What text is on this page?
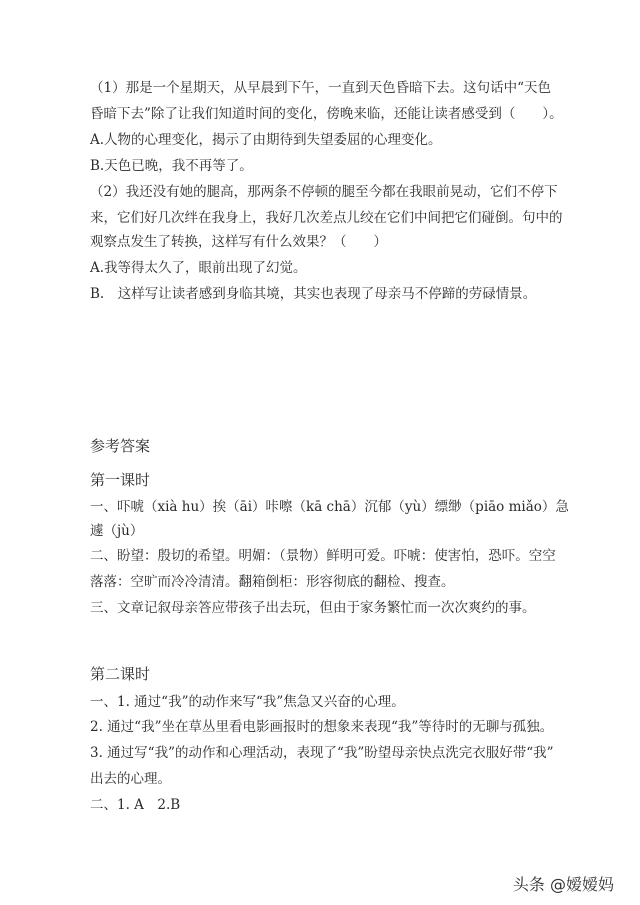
（1）那是一个星期天，从早晨到下午，一直到天色昏暗下去。这句话中“天色
昏暗下去”除了让我们知道时间的变化，傍晚来临，还能让读者感受到（　　）。
A.人物的心理变化，揭示了由期待到失望委屈的心理变化。
B.天色已晚，我不再等了。
（2）我还没有她的腿高，那两条不停顿的腿至今都在我眼前晃动，它们不停下
来，它们好几次绊在我身上，我好几次差点儿绞在它们中间把它们碰倒。句中的
观察点发生了转换，这样写有什么效果？（　　）
A.我等得太久了，眼前出现了幻觉。
B.　这样写让读者感到身临其境，其实也表现了母亲马不停蹄的劳碌情景。
参考答案
第一课时
一、吓唬（xià hu）挨（āi）咔嚓（kā chā）沉郁（yù）缥缈（piāo miǎo）急
遽（jù）
二、盼望：殷切的希望。明媚：（景物）鲜明可爱。吓唬：使害怕，恐吓。空空
落落：空旷而冷冷清清。翻箱倒柜：形容彻底的翻检、搜查。
三、文章记叙母亲答应带孩子出去玩，但由于家务繁忙而一次次爽约的事。
第二课时
一、1. 通过“我”的动作来写“我”焦急又兴奋的心理。
2. 通过“我”坐在草丛里看电影画报时的想象来表现“我”等待时的无聊与孤独。
3. 通过写“我”的动作和心理活动，表现了“我”盼望母亲快点洗完衣服好带“我”
出去的心理。
二、1. A　2.B
头条 @嫒嫒妈
